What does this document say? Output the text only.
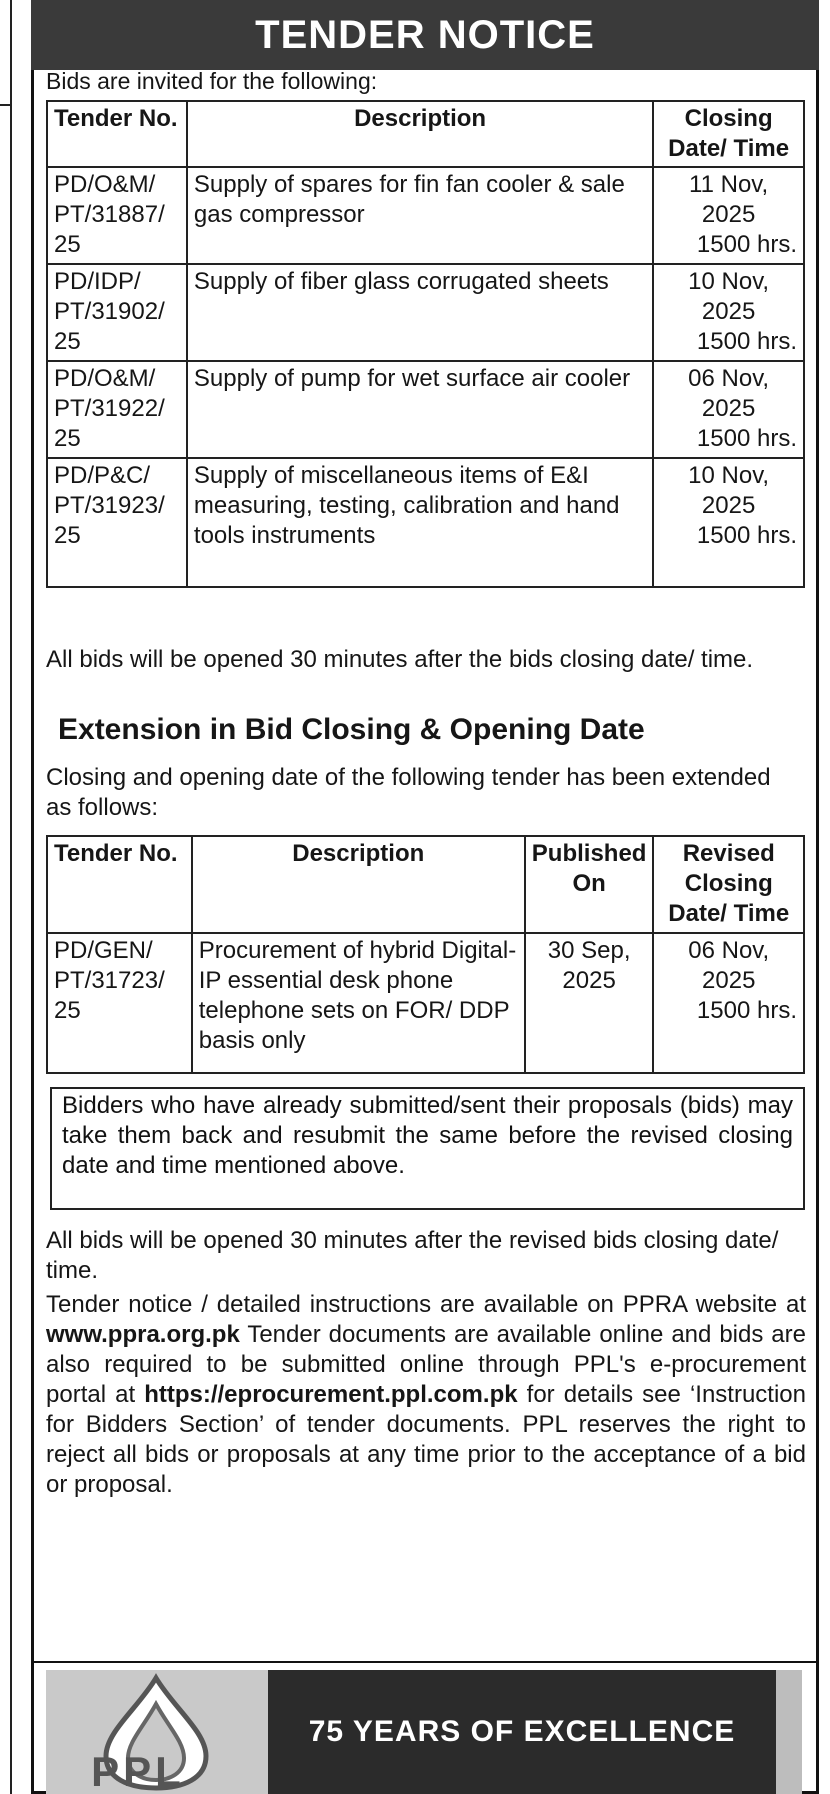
TENDER NOTICE
Bids are invited for the following:
Tender No.	Description	Closing Date/ Time
PD/O&M/ PT/31887/ 25	Supply of spares for fin fan cooler & sale gas compressor	11 Nov, 2025
1500 hrs.

PD/IDP/ PT/31902/ 25	Supply of fiber glass corrugated sheets	10 Nov, 2025
1500 hrs.

PD/O&M/ PT/31922/ 25	Supply of pump for wet surface air cooler	06 Nov, 2025
1500 hrs.

PD/P&C/ PT/31923/ 25	Supply of miscellaneous items of E&I measuring, testing, calibration and hand tools instruments	10 Nov, 2025
1500 hrs.
All bids will be opened 30 minutes after the bids closing date/ time.
Extension in Bid Closing & Opening Date
Closing and opening date of the following tender has been extended as follows:
Tender No.	Description	Published On	Revised Closing Date/ Time
PD/GEN/ PT/31723/ 25	Procurement of hybrid Digital-IP essential desk phone telephone sets on FOR/ DDP basis only	30 Sep, 2025	06 Nov, 2025
1500 hrs.
Bidders who have already submitted/sent their proposals (bids) may take them back and resubmit the same before the revised closing date and time mentioned above.
All bids will be opened 30 minutes after the revised bids closing date/ time.
Tender notice / detailed instructions are available on PPRA website at www.ppra.org.pk Tender documents are available online and bids are also required to be submitted online through PPL's e-procurement portal at https://eprocurement.ppl.com.pk for details see ‘Instruction for Bidders Section’ of tender documents. PPL reserves the right to reject all bids or proposals at any time prior to the acceptance of a bid or proposal.
PPL
75 YEARS OF EXCELLENCE
